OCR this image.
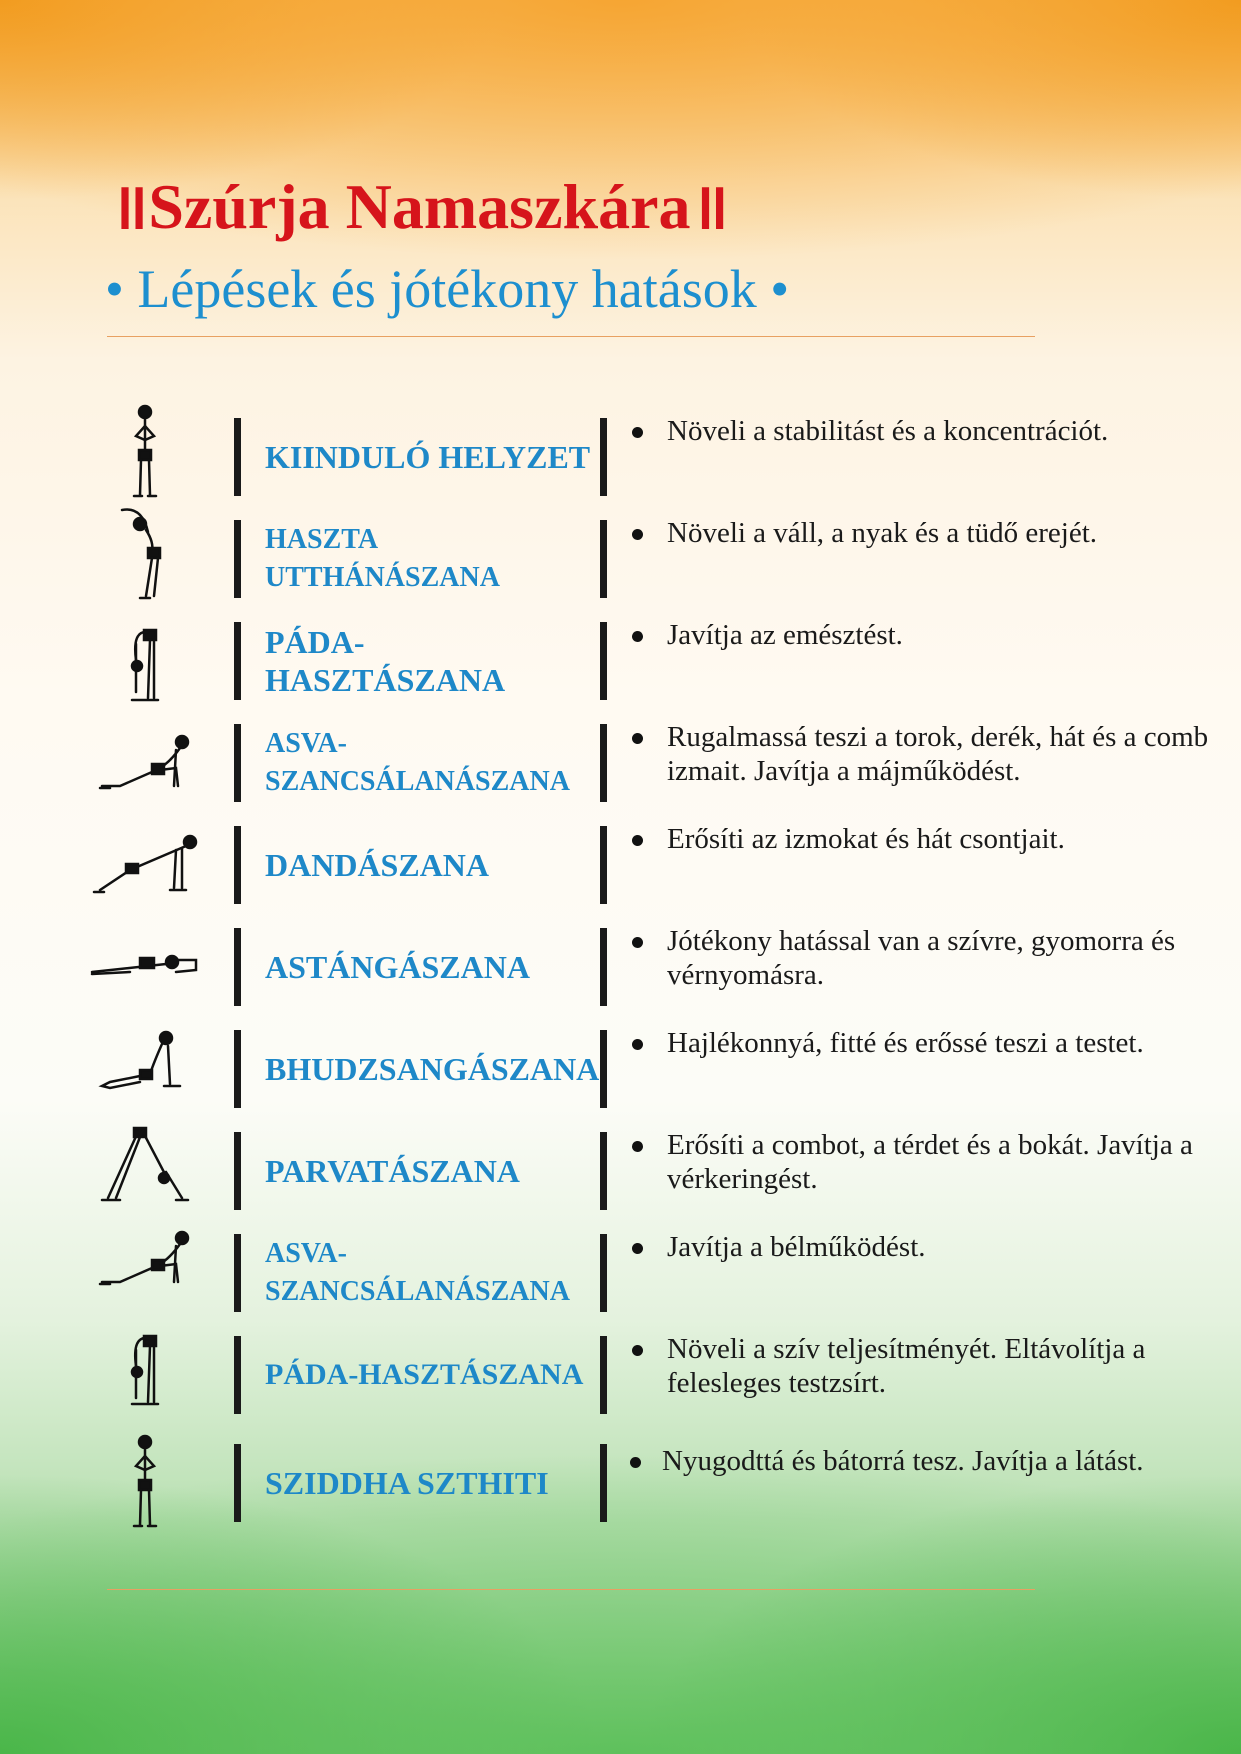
॥Szúrja Namaszkára॥
• Lépések és jótékony hatások •
KIINDULÓ HELYZET
Növeli a stabilitást és a koncentrációt.
HASZTA UTTHÁNÁSZANA
Növeli a váll, a nyak és a tüdő erejét.
PÁDA-HASZTÁSZANA
Javítja az emésztést.
ASVA-SZANCSÁLANÁSZANA
Rugalmassá teszi a torok, derék, hát és a comb izmait. Javítja a májműködést.
DANDÁSZANA
Erősíti az izmokat és hát csontjait.
ASTÁNGÁSZANA
Jótékony hatással van a szívre, gyomorra és vérnyomásra.
BHUDZSANGÁSZANA
Hajlékonnyá, fitté és erőssé teszi a testet.
PARVATÁSZANA
Erősíti a combot, a térdet és a bokát. Javítja a vérkeringést.
ASVA-SZANCSÁLANÁSZANA
Javítja a bélműködést.
PÁDA-HASZTÁSZANA
Növeli a szív teljesítményét. Eltávolítja a felesleges testzsírt.
SZIDDHA SZTHITI
Nyugodttá és bátorrá tesz. Javítja a látást.
